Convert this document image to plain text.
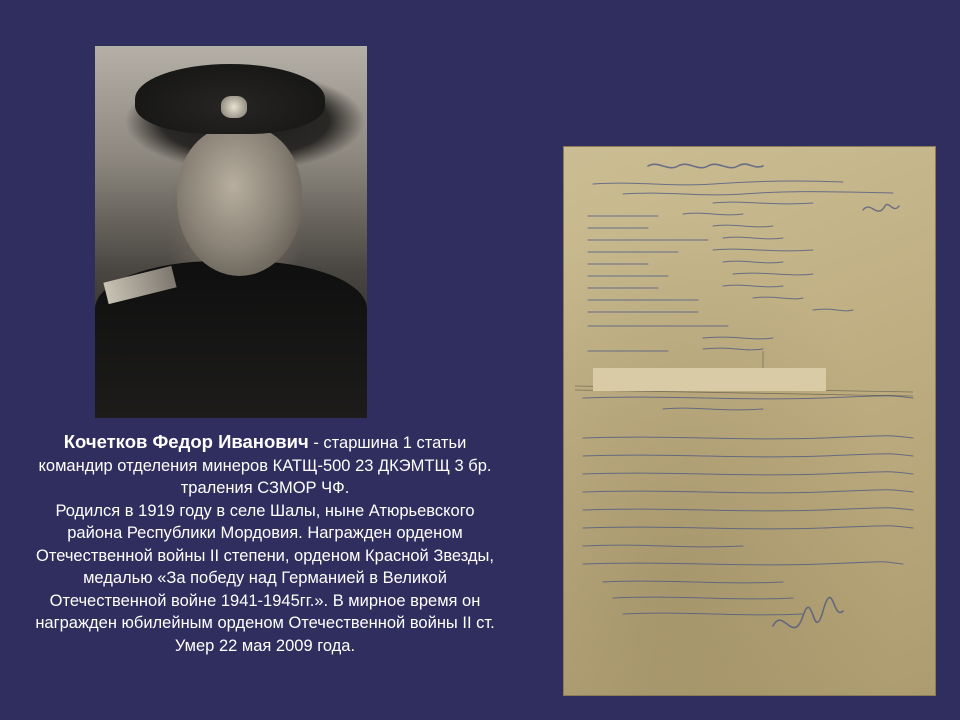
Кочетков Федор Иванович - старшина 1 статьи командир отделения минеров КАТЩ-500 23 ДКЭМТЩ 3 бр. траления СЗМОР ЧФ.
Родился в 1919 году в селе Шалы, ныне Атюрьевского района Республики Мордовия. Награжден орденом Отечественной войны II степени, орденом Красной Звезды, медалью «За победу над Германией в Великой Отечественной войне 1941-1945гг.». В мирное время он награжден юбилейным орденом Отечественной войны II ст. Умер 22 мая 2009 года.
